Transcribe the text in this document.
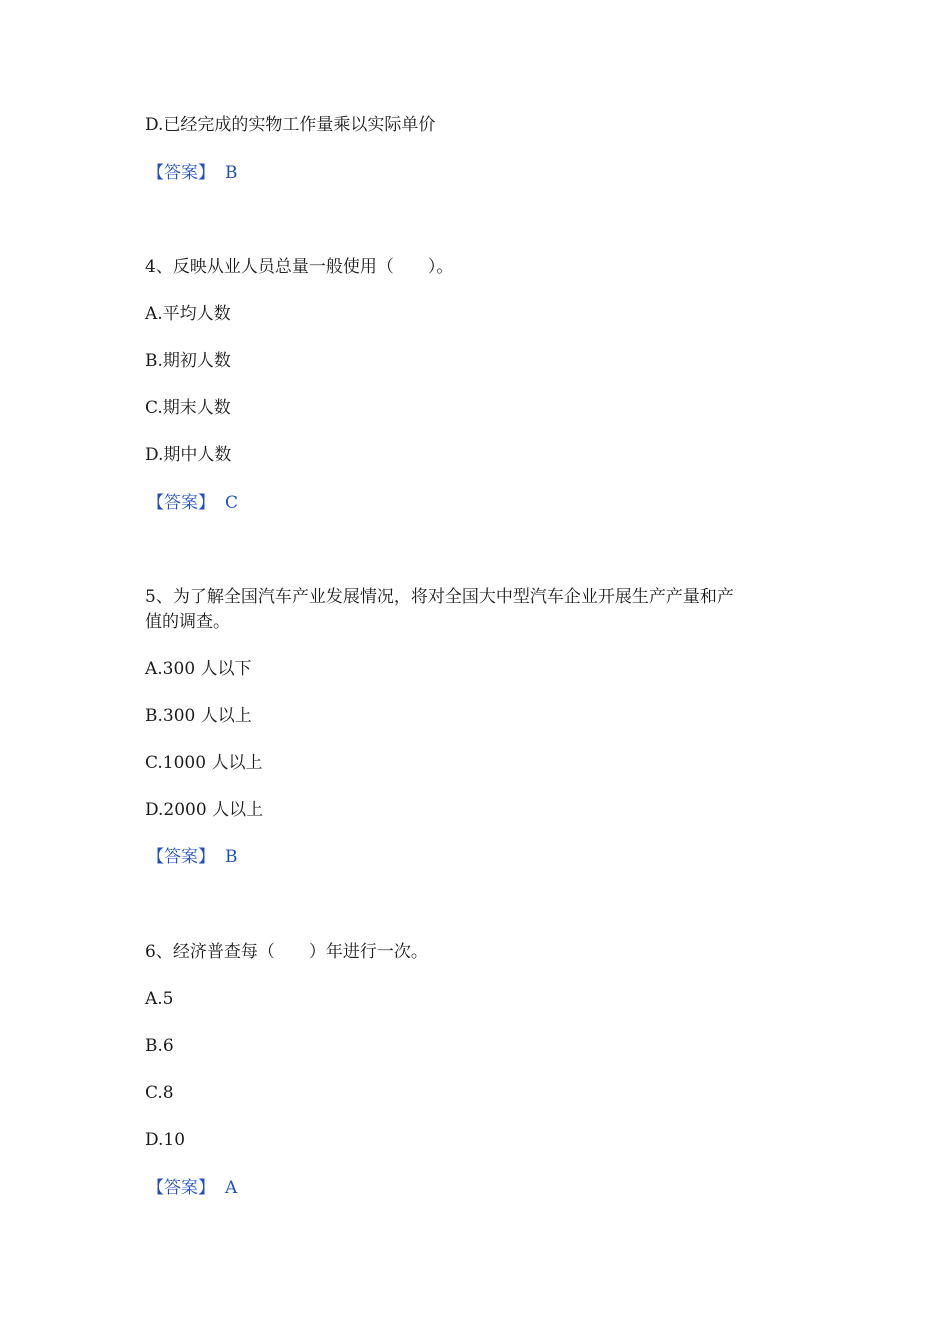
D.已经完成的实物工作量乘以实际单价
【答案】 B
4、反映从业人员总量一般使用（　　）。
A.平均人数
B.期初人数
C.期末人数
D.期中人数
【答案】 C
5、为了解全国汽车产业发展情况，将对全国大中型汽车企业开展生产产量和产
值的调查。
A.300 人以下
B.300 人以上
C.1000 人以上
D.2000 人以上
【答案】 B
6、经济普查每（　　）年进行一次。
A.5
B.6
C.8
D.10
【答案】 A
